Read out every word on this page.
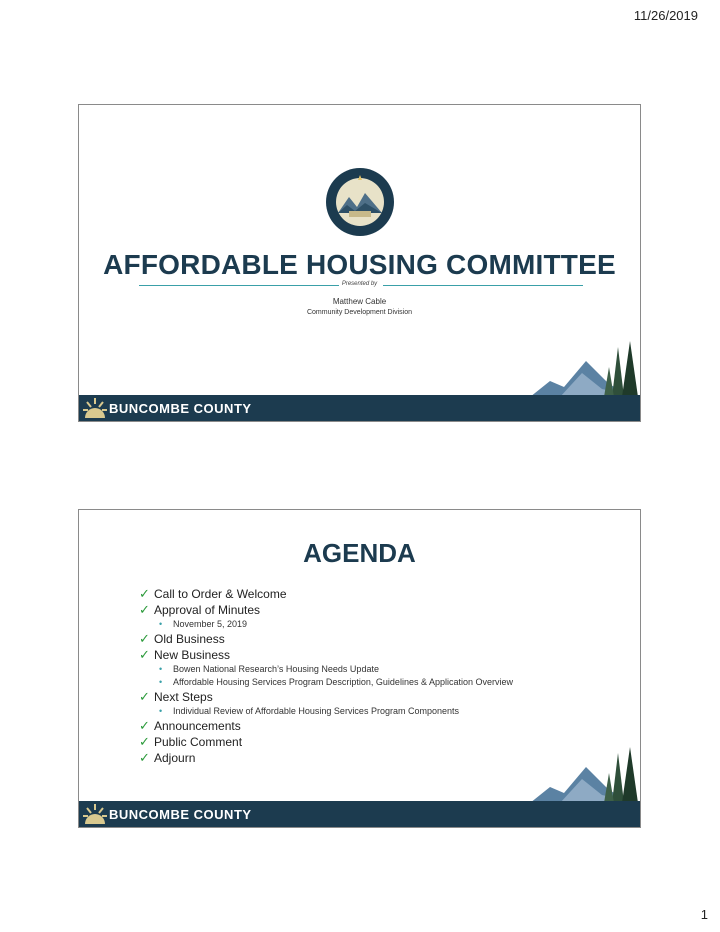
11/26/2019
AFFORDABLE HOUSING COMMITTEE
Presented by
Matthew Cable
Community Development Division
BUNCOMBE COUNTY
AGENDA
✓ Call to Order & Welcome
✓ Approval of Minutes
• November 5, 2019
✓ Old Business
✓ New Business
• Bowen National Research’s Housing Needs Update
• Affordable Housing Services Program Description, Guidelines & Application Overview
✓ Next Steps
• Individual Review of Affordable Housing Services Program Components
✓ Announcements
✓ Public Comment
✓ Adjourn
BUNCOMBE COUNTY
1
